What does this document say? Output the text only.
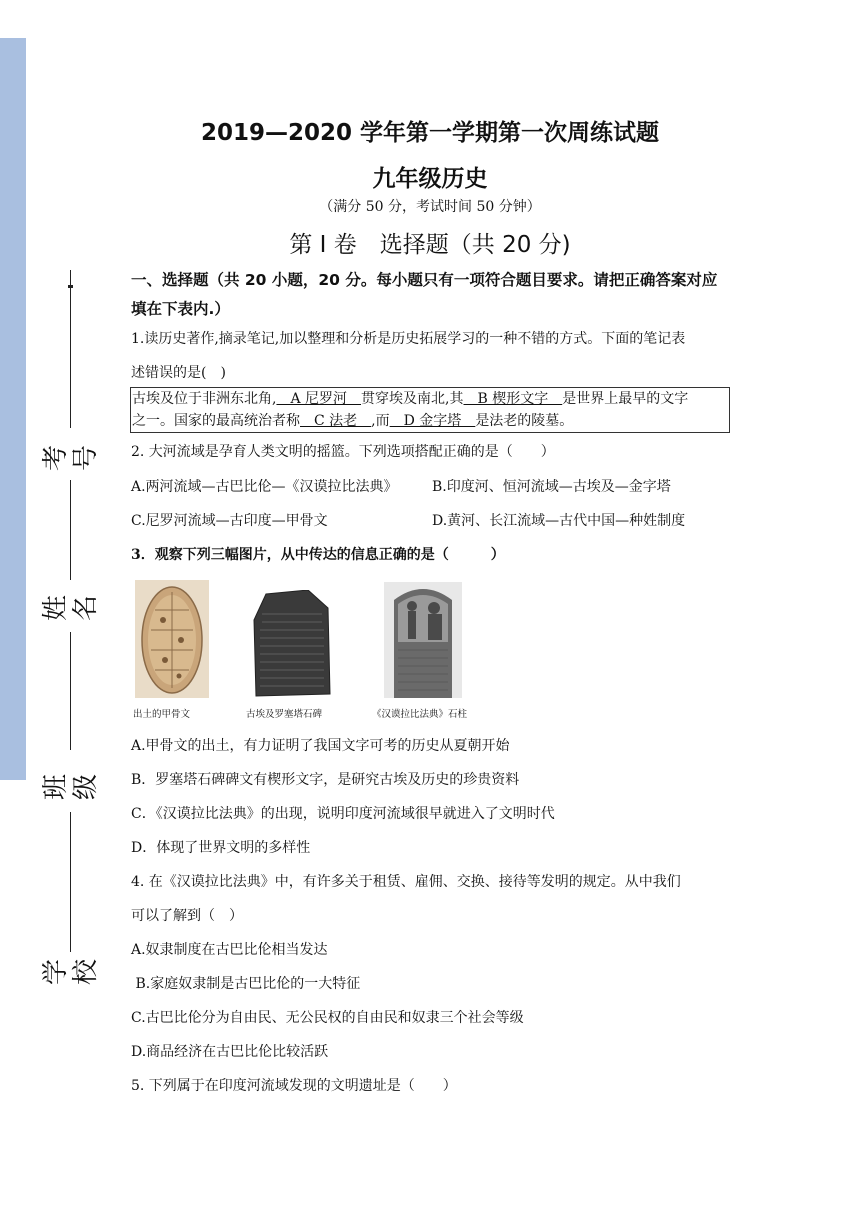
考号
姓名
班级
学校
2019—2020 学年第一学期第一次周练试题
九年级历史
（满分 50 分，考试时间 50 分钟）
第 I 卷　选择题（共 20 分)
一、选择题（共 20 小题，20 分。每小题只有一项符合题目要求。请把正确答案对应填在下表内.）
1.读历史著作,摘录笔记,加以整理和分析是历史拓展学习的一种不错的方式。下面的笔记表
述错误的是(　)
古埃及位于非洲东北角,　A 尼罗河　贯穿埃及南北,其　B 楔形文字　是世界上最早的文字
之一。国家的最高统治者称　C 法老　,而　D 金字塔　是法老的陵墓。
2. 大河流域是孕育人类文明的摇篮。下列选项搭配正确的是（　　）
A.两河流域—古巴比伦—《汉谟拉比法典》 B.印度河、恒河流域—古埃及—金字塔
C.尼罗河流域—古印度—甲骨文	D.黄河、长江流域—古代中国—种姓制度
3．观察下列三幅图片，从中传达的信息正确的是（　　　）
出土的甲骨文	古埃及罗塞塔石碑	《汉谟拉比法典》石柱
A.甲骨文的出土，有力证明了我国文字可考的历史从夏朝开始
B．罗塞塔石碑碑文有楔形文字，是研究古埃及历史的珍贵资料
C．《汉谟拉比法典》的出现，说明印度河流域很早就进入了文明时代
D．体现了世界文明的多样性
4. 在《汉谟拉比法典》中，有许多关于租赁、雇佣、交换、接待等发明的规定。从中我们
可以了解到（　）
A.奴隶制度在古巴比伦相当发达
B.家庭奴隶制是古巴比伦的一大特征
C.古巴比伦分为自由民、无公民权的自由民和奴隶三个社会等级
D.商品经济在古巴比伦比较活跃
5. 下列属于在印度河流域发现的文明遗址是（　　）
